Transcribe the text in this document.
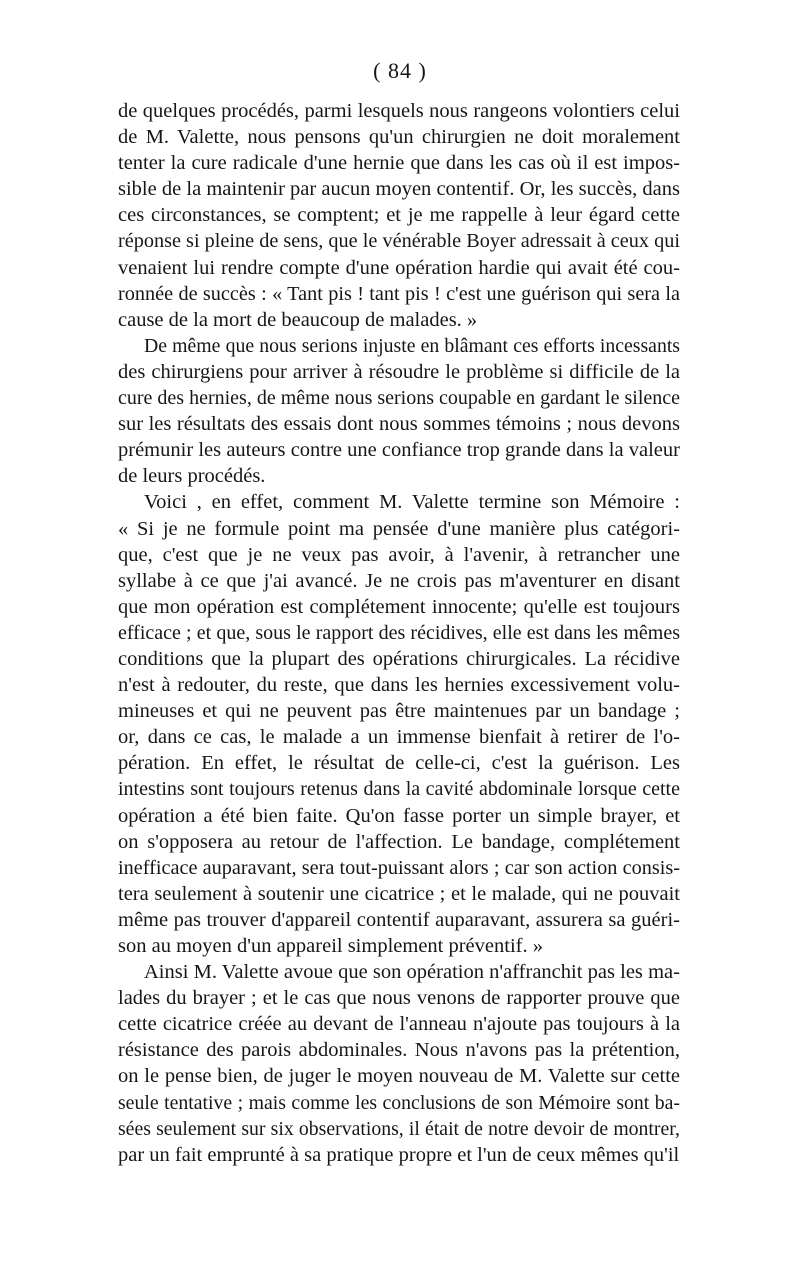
( 84 )
de quelques procédés, parmi lesquels nous rangeons volontiers celui
de M. Valette, nous pensons qu'un chirurgien ne doit moralement
tenter la cure radicale d'une hernie que dans les cas où il est impos-
sible de la maintenir par aucun moyen contentif. Or, les succès, dans
ces circonstances, se comptent; et je me rappelle à leur égard cette
réponse si pleine de sens, que le vénérable Boyer adressait à ceux qui
venaient lui rendre compte d'une opération hardie qui avait été cou-
ronnée de succès : « Tant pis ! tant pis ! c'est une guérison qui sera la
cause de la mort de beaucoup de malades. »
De même que nous serions injuste en blâmant ces efforts incessants
des chirurgiens pour arriver à résoudre le problème si difficile de la
cure des hernies, de même nous serions coupable en gardant le silence
sur les résultats des essais dont nous sommes témoins ; nous devons
prémunir les auteurs contre une confiance trop grande dans la valeur
de leurs procédés.
Voici , en effet, comment M. Valette termine son Mémoire :
« Si je ne formule point ma pensée d'une manière plus catégori-
que, c'est que je ne veux pas avoir, à l'avenir, à retrancher une
syllabe à ce que j'ai avancé. Je ne crois pas m'aventurer en disant
que mon opération est complétement innocente; qu'elle est toujours
efficace ; et que, sous le rapport des récidives, elle est dans les mêmes
conditions que la plupart des opérations chirurgicales. La récidive
n'est à redouter, du reste, que dans les hernies excessivement volu-
mineuses et qui ne peuvent pas être maintenues par un bandage ;
or, dans ce cas, le malade a un immense bienfait à retirer de l'o-
pération. En effet, le résultat de celle-ci, c'est la guérison. Les
intestins sont toujours retenus dans la cavité abdominale lorsque cette
opération a été bien faite. Qu'on fasse porter un simple brayer, et
on s'opposera au retour de l'affection. Le bandage, complétement
inefficace auparavant, sera tout-puissant alors ; car son action consis-
tera seulement à soutenir une cicatrice ; et le malade, qui ne pouvait
même pas trouver d'appareil contentif auparavant, assurera sa guéri-
son au moyen d'un appareil simplement préventif. »
Ainsi M. Valette avoue que son opération n'affranchit pas les ma-
lades du brayer ; et le cas que nous venons de rapporter prouve que
cette cicatrice créée au devant de l'anneau n'ajoute pas toujours à la
résistance des parois abdominales. Nous n'avons pas la prétention,
on le pense bien, de juger le moyen nouveau de M. Valette sur cette
seule tentative ; mais comme les conclusions de son Mémoire sont ba-
sées seulement sur six observations, il était de notre devoir de montrer,
par un fait emprunté à sa pratique propre et l'un de ceux mêmes qu'il
